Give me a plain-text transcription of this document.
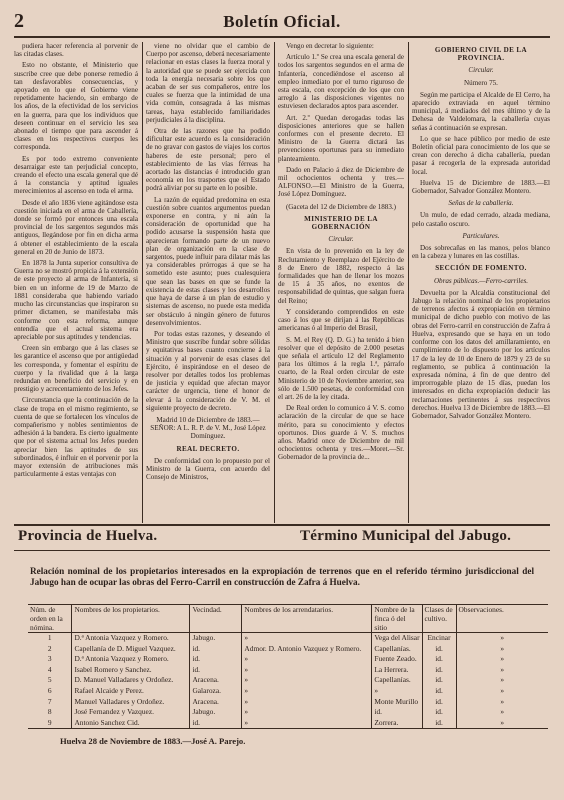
2	Boletín Oficial.

pudiera hacer referencia al porvenir de las citadas clases.

Esto no obstante, el Ministerio que suscribe cree que debe ponerse remedio á tan desfavorables consecuencias, y apoyado en lo que el Gobierno viene repetidamente haciendo, sin embargo de los años, de la efectividad de los servicios en la guerra, para que los individuos que deseen continuar en el servicio les sea abonado el tiempo que para ascender á clases en los respectivos cuerpos les corresponda.

Es por todo extremo conveniente desarraigar este tan perjudicial concepto, creando el efecto una escala general que dé á la constancia y aptitud iguales merecimientos al ascenso en toda el arma.

Desde el año 1836 viene agitándose esta cuestión iniciada en el arma de Caballería, donde se formó por entonces una escala provincial de los sargentos segundos más antiguos, llegándose por fin en dicha arma á obtener el establecimiento de la escala general en 20 de Junio de 1873.

En 1878 la Junta superior consultiva de Guerra no se mostró propicia á la extensión de este proyecto al arma de Infantería, si bien en un informe de 19 de Marzo de 1881 consideraba que habiendo variado mucho las circunstancias que inspiraron su primer dictamen, se manifestaba más conforme con esta reforma, aunque entendía que el actual sistema era apreciable por sus aptitudes y tendencias.

Creen sin embargo que á las clases se les garantice el ascenso que por antigüedad les corresponda, y fomentar el espíritu de cuerpo y la rivalidad que á la larga redundan en beneficio del servicio y en prestigio y acrecentamiento de los Jefes.

Circunstancia que la continuación de la clase de tropa en el mismo regimiento, se cuenta de que se fortalecen los vínculos de compañerismo y nobles sentimientos de adhesión á la bandera. Es cierto igualmente que por el sistema actual los Jefes pueden apreciar bien las aptitudes de sus subordinados, é influir en el porvenir por la mayor extensión de atribuciones más particularmente á estas ventajas con

viene no olvidar que el cambio de Cuerpo por ascenso, deberá necesariamente relacionar en estas clases la fuerza moral y la autoridad que se puede ser ejercida con toda la energía necesaria sobre los que acaban de ser sus compañeros, entre los cuales se fuerza que la intimidad de una vida común, consagrada á las mismas tareas, haya establecido familiaridades perjudiciales á la disciplina.

Otra de las razones que ha podido dificultar este acuerdo es la consideración de no gravar con gastos de viajes los cortos haberes de este personal; pero el establecimiento de las vías férreas ha acortado las distancias é introducido gran economía en los trasportes que el Estado podrá aliviar por su parte en lo posible.

La razón de equidad predomina en esta cuestión sobre cuantos argumentos puedan exponerse en contra, y ni aún la consideración de oportunidad que ha podido acusarse la suspensión hasta que aparecieran formando parte de un nuevo plan de organización en la clase de sargentos, puede influir para dilatar más las ya considerables prórrogas á que se ha sometido este asunto; pues cualesquiera que sean las bases en que se funde la existencia de estas clases y los desarrollos que haya de darse á un plan de estudio y sistemas de ascenso, no puede esta medida ser obstáculo á ningún género de futuros desenvolvimientos.

Por todas estas razones, y deseando el Ministro que suscribe fundar sobre sólidas y equitativas bases cuanto concierne á la situación y al porvenir de esas clases del Ejército, é inspirándose en el deseo de resolver por detalles todos los problemas de justicia y equidad que afectan mayor carácter de urgencia, tiene el honor de elevar á la consideración de V. M. el siguiente proyecto de decreto.

Madrid 10 de Diciembre de 1883.—SEÑOR: A L. R. P. de V. M., José López Domínguez.

REAL DECRETO.

De conformidad con lo propuesto por el Ministro de la Guerra, con acuerdo del Consejo de Ministros,

Vengo en decretar lo siguiente:

Artículo 1.º Se crea una escala general de todos los sargentos segundos en el arma de Infantería, concediéndose el ascenso al empleo inmediato por el turno riguroso de esta escala, con excepción de los que con arreglo á las disposiciones vigentes no estuviesen declarados aptos para ascender.

Art. 2.º Quedan derogadas todas las disposiciones anteriores que se hallen conformes con el presente decreto. El Ministro de la Guerra dictará las prevenciones oportunas para su inmediato planteamiento.

Dado en Palacio á diez de Diciembre de mil ochocientos ochenta y tres.—ALFONSO.—El Ministro de la Guerra, José López Domínguez.

(Gaceta del 12 de Diciembre de 1883.)

MINISTERIO DE LA GOBERNACIÓN

Circular.

En vista de lo prevenido en la ley de Reclutamiento y Reemplazo del Ejército de 8 de Enero de 1882, respecto á las formalidades que han de llenar los mozos de 15 á 35 años, no exentos de responsabilidad de quintas, que salgan fuera del Reino;

Y considerando comprendidos en este caso á los que se dirijan á las Repúblicas americanas ó al Imperio del Brasil,

S. M. el Rey (Q. D. G.) ha tenido á bien resolver que el depósito de 2.000 pesetas que señala el artículo 12 del Reglamento para los últimos á la regla 1.ª, párrafo cuarto, de la Real orden circular de este Ministerio de 10 de Noviembre anterior, sea sólo de 1.500 pesetas, de conformidad con el art. 26 de la ley citada.

De Real orden lo comunico á V. S. como aclaración de la circular de que se hace mérito, para su conocimiento y efectos oportunos. Dios guarde á V. S. muchos años. Madrid once de Diciembre de mil ochocientos ochenta y tres.—Moret.—Sr. Gobernador de la provincia de...

GOBIERNO CIVIL DE LA PROVINCIA.

Circular.

Número 75.

Según me participa el Alcalde de El Cerro, ha aparecido extraviada en aquel término municipal, á mediados del mes último y de la Dehesa de Valdelomara, la caballería cuyas señas á continuación se expresan.

Lo que se hace público por medio de este Boletín oficial para conocimiento de los que se crean con derecho á dicha caballería, puedan pasar á recogerla de la expresada autoridad local.

Huelva 15 de Diciembre de 1883.—El Gobernador, Salvador González Montero.

Señas de la caballería.

Un mulo, de edad cerrado, alzada mediana, pelo castaño oscuro.

Particulares.

Dos sobrecañas en las manos, pelos blanco en la cabeza y lunares en las costillas.

SECCIÓN DE FOMENTO.

Obras públicas.—Ferro-carriles.

Devuelta por la Alcaldía constitucional del Jabugo la relación nominal de los propietarios de terrenos afectos á expropiación en término municipal de dicho pueblo con motivo de las obras del Ferro-carril en construcción de Zafra á Huelva, expresando que se haya en un todo conforme con los datos del amillaramiento, en cumplimiento de lo dispuesto por los artículos 17 de la ley de 10 de Enero de 1879 y 23 de su reglamento, se publica á continuación la expresada nómina, á fin de que dentro del improrrogable plazo de 15 días, puedan los interesados en dicha expropiación deducir las reclamaciones pertinentes á sus respectivos derechos. Huelva 13 de Diciembre de 1883.—El Gobernador, Salvador González Montero.

Provincia de Huelva.	Término Municipal del Jabugo.
Relación nominal de los propietarios interesados en la expropiación de terrenos que en el referido término jurisdiccional del Jabugo han de ocupar las obras del Ferro-Carril en construcción de Zafra á Huelva.
Núm. de orden en la nómina.	Nombres de los propietarios.	Vecindad.	Nombres de los arrendatarios.	Nombre de la finca ó del sitio	Clases de cultivo.	Observaciones.
1	D.ª Antonia Vazquez y Romero.	Jabugo.	»	Vega del Alisar	Encinar	»
2	Capellanía de D. Miguel Vazquez.	id.	Admor. D. Antonio Vazquez y Romero.	Capellanías.	id.	»
3	D.ª Antonia Vazquez y Romero.	id.	»	Fuente Zeado.	id.	»
4	Isabel Romero y Sanchez.	id.	»	La Herrera.	id.	»
5	D. Manuel Valladares y Ordoñez.	Aracena.	»	Capellanías.	id.	»
6	Rafael Alcaide y Perez.	Galaroza.	»	»	id.	»
7	Manuel Valladares y Ordoñez.	Aracena.	»	Monte Murillo	id.	»
8	José Fernandez y Vazquez.	Jabugo.	»	id.	id.	»
9	Antonio Sanchez Cid.	id.	»	Zorrera.	id.	»
Huelva 28 de Noviembre de 1883.—José A. Parejo.
